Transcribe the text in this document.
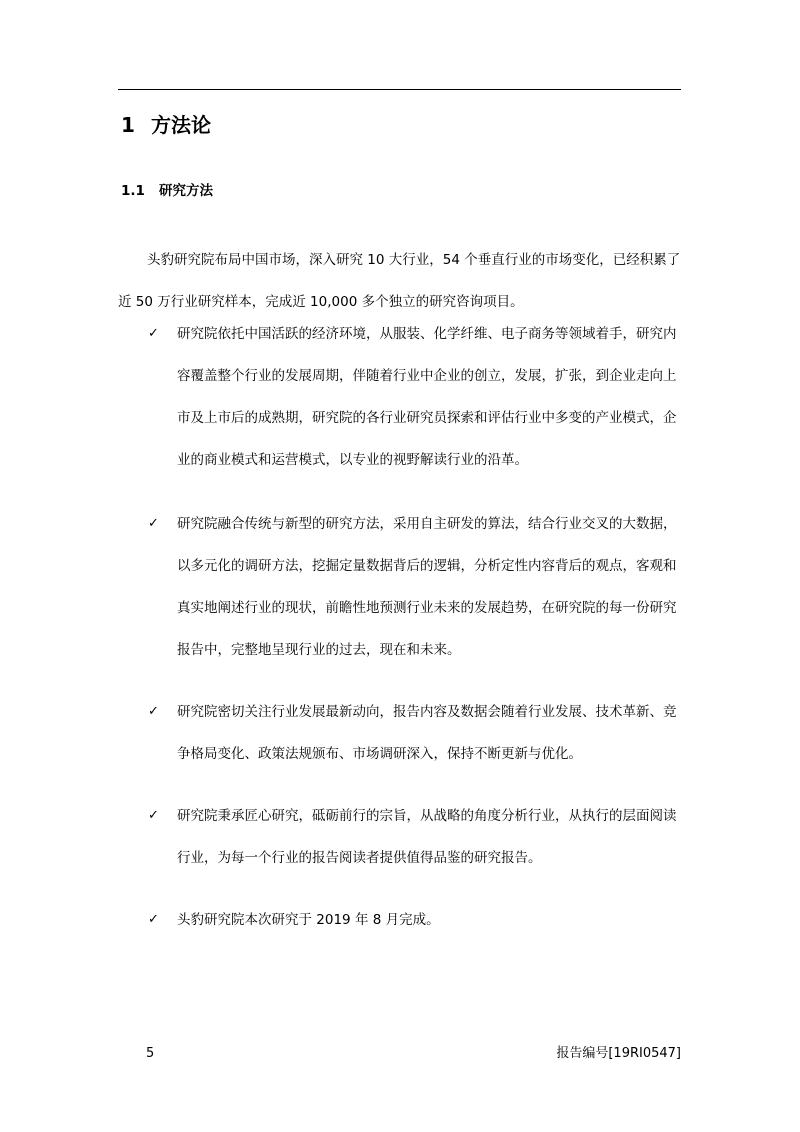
1 方法论
1.1 研究方法

头豹研究院布局中国市场，深入研究 10 大行业，54 个垂直行业的市场变化，已经积累了近 50 万行业研究样本，完成近 10,000 多个独立的研究咨询项目。

✓ 研究院依托中国活跃的经济环境，从服装、化学纤维、电子商务等领域着手，研究内容覆盖整个行业的发展周期，伴随着行业中企业的创立，发展，扩张，到企业走向上市及上市后的成熟期，研究院的各行业研究员探索和评估行业中多变的产业模式，企业的商业模式和运营模式，以专业的视野解读行业的沿革。

✓ 研究院融合传统与新型的研究方法，采用自主研发的算法，结合行业交叉的大数据，以多元化的调研方法，挖掘定量数据背后的逻辑，分析定性内容背后的观点，客观和真实地阐述行业的现状，前瞻性地预测行业未来的发展趋势，在研究院的每一份研究报告中，完整地呈现行业的过去，现在和未来。

✓ 研究院密切关注行业发展最新动向，报告内容及数据会随着行业发展、技术革新、竞争格局变化、政策法规颁布、市场调研深入，保持不断更新与优化。

✓ 研究院秉承匠心研究，砥砺前行的宗旨，从战略的角度分析行业，从执行的层面阅读行业，为每一个行业的报告阅读者提供值得品鉴的研究报告。

✓ 头豹研究院本次研究于 2019 年 8 月完成。

5	报告编号[19RI0547]
